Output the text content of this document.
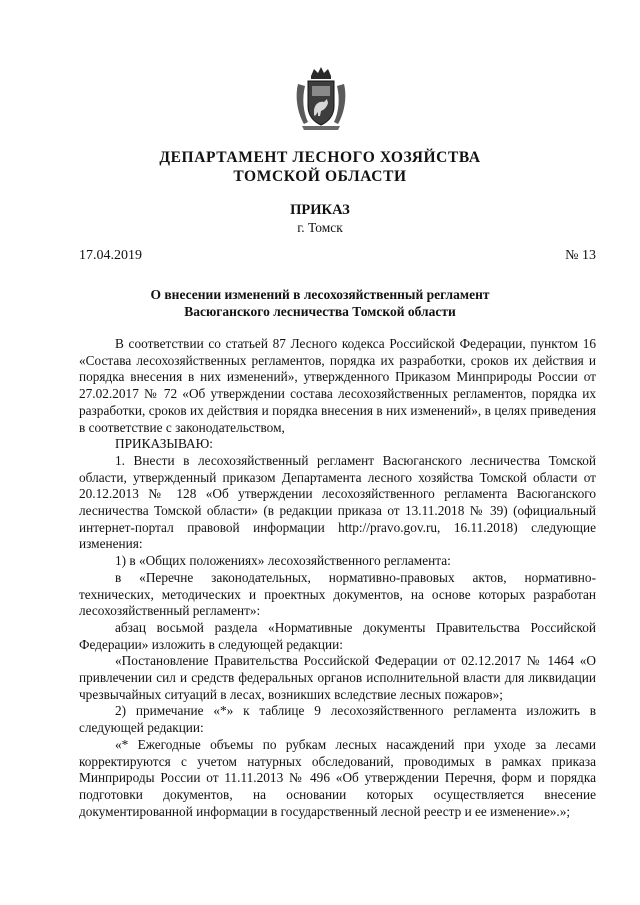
ДЕПАРТАМЕНТ ЛЕСНОГО ХОЗЯЙСТВА
ТОМСКОЙ ОБЛАСТИ
ПРИКАЗ
г. Томск
17.04.2019	№ 13
О внесении изменений в лесохозяйственный регламент
Васюганского лесничества Томской области

В соответствии со статьей 87 Лесного кодекса Российской Федерации, пунктом 16 «Состава лесохозяйственных регламентов, порядка их разработки, сроков их действия и порядка внесения в них изменений», утвержденного Приказом Минприроды России от 27.02.2017 № 72 «Об утверждении состава лесохозяйственных регламентов, порядка их разработки, сроков их действия и порядка внесения в них изменений», в целях приведения в соответствие с законодательством,

ПРИКАЗЫВАЮ:

1. Внести в лесохозяйственный регламент Васюганского лесничества Томской области, утвержденный приказом Департамента лесного хозяйства Томской области от 20.12.2013 № 128 «Об утверждении лесохозяйственного регламента Васюганского лесничества Томской области» (в редакции приказа от 13.11.2018 № 39) (официальный интернет-портал правовой информации http://pravo.gov.ru, 16.11.2018) следующие изменения:

1) в «Общих положениях» лесохозяйственного регламента:

в «Перечне законодательных, нормативно-правовых актов, нормативно-технических, методических и проектных документов, на основе которых разработан лесохозяйственный регламент»:

абзац восьмой раздела «Нормативные документы Правительства Российской Федерации» изложить в следующей редакции:

«Постановление Правительства Российской Федерации от 02.12.2017 № 1464 «О привлечении сил и средств федеральных органов исполнительной власти для ликвидации чрезвычайных ситуаций в лесах, возникших вследствие лесных пожаров»;

2) примечание «*» к таблице 9 лесохозяйственного регламента изложить в следующей редакции:

«* Ежегодные объемы по рубкам лесных насаждений при уходе за лесами корректируются с учетом натурных обследований, проводимых в рамках приказа Минприроды России от 11.11.2013 № 496 «Об утверждении Перечня, форм и порядка подготовки документов, на основании которых осуществляется внесение документированной информации в государственный лесной реестр и ее изменение».»;
